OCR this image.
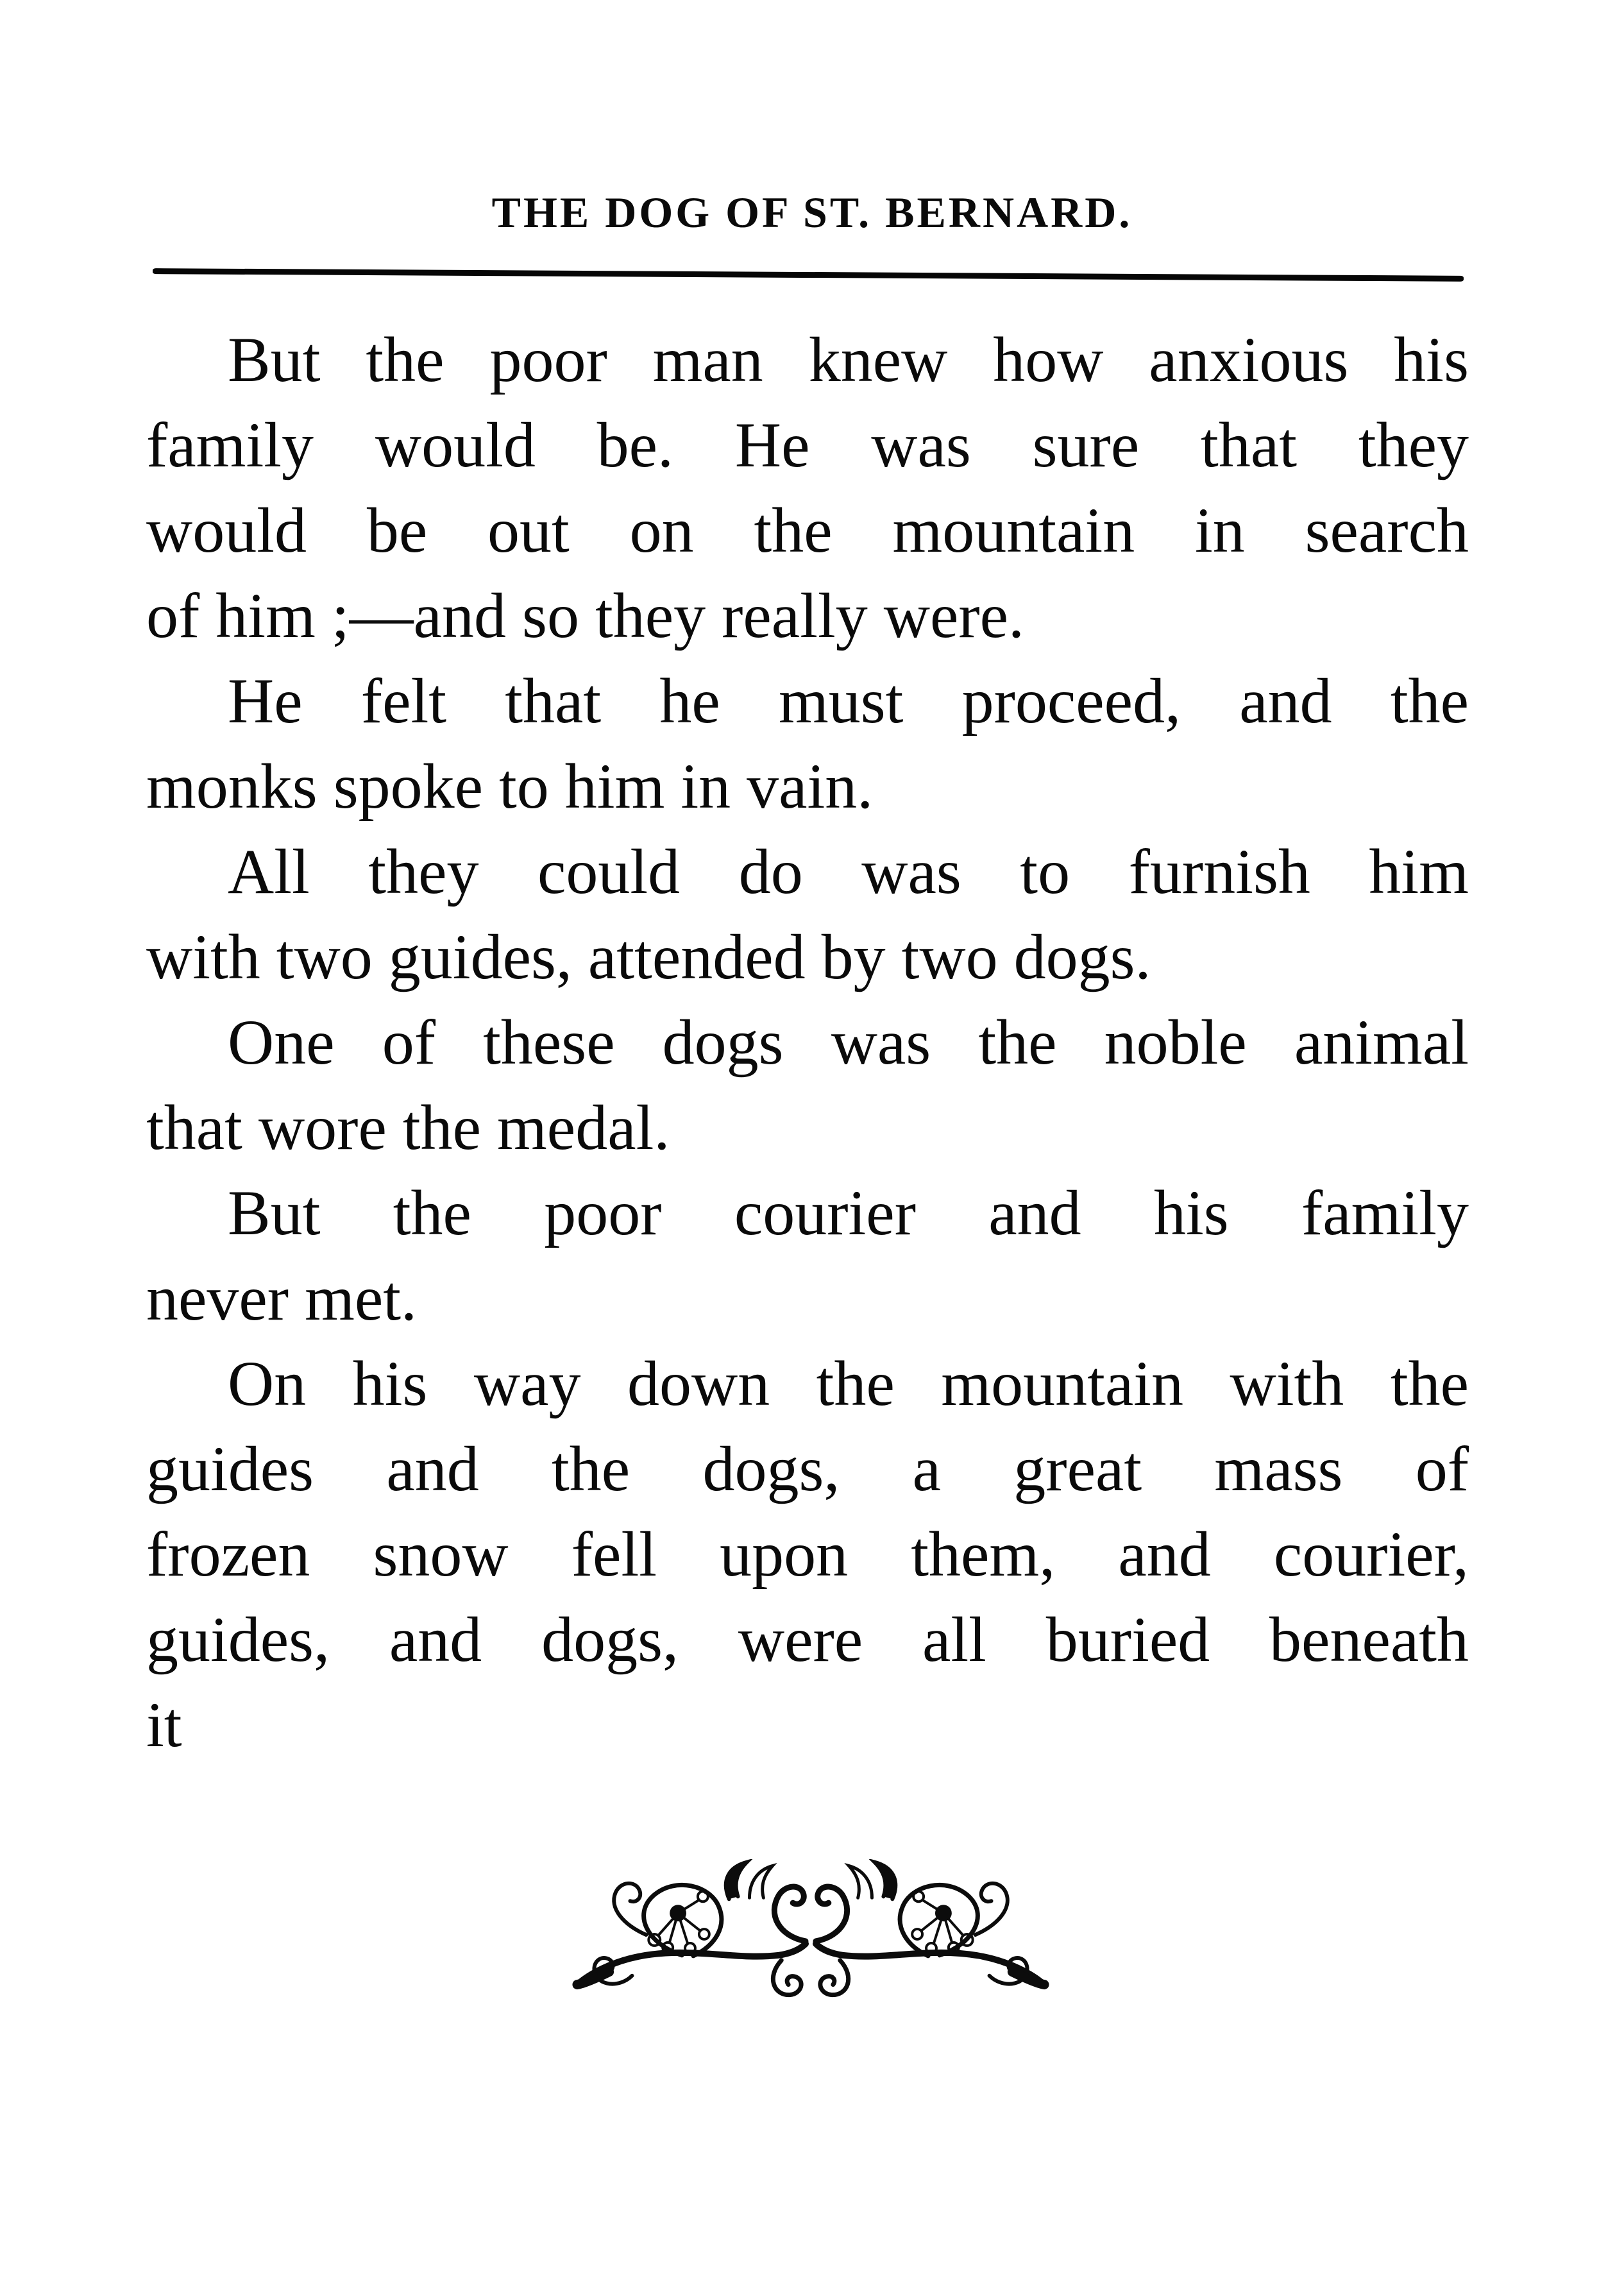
THE DOG OF ST. BERNARD.
But the poor man knew how anxious his
family would be. He was sure that they
would be out on the mountain in search
of him ;—and so they really were.
He felt that he must proceed, and the
monks spoke to him in vain.
All they could do was to furnish him
with two guides, attended by two dogs.
One of these dogs was the noble animal
that wore the medal.
But the poor courier and his family
never met.
On his way down the mountain with the
guides and the dogs, a great mass of
frozen snow fell upon them, and courier,
guides, and dogs, were all buried beneath
it
